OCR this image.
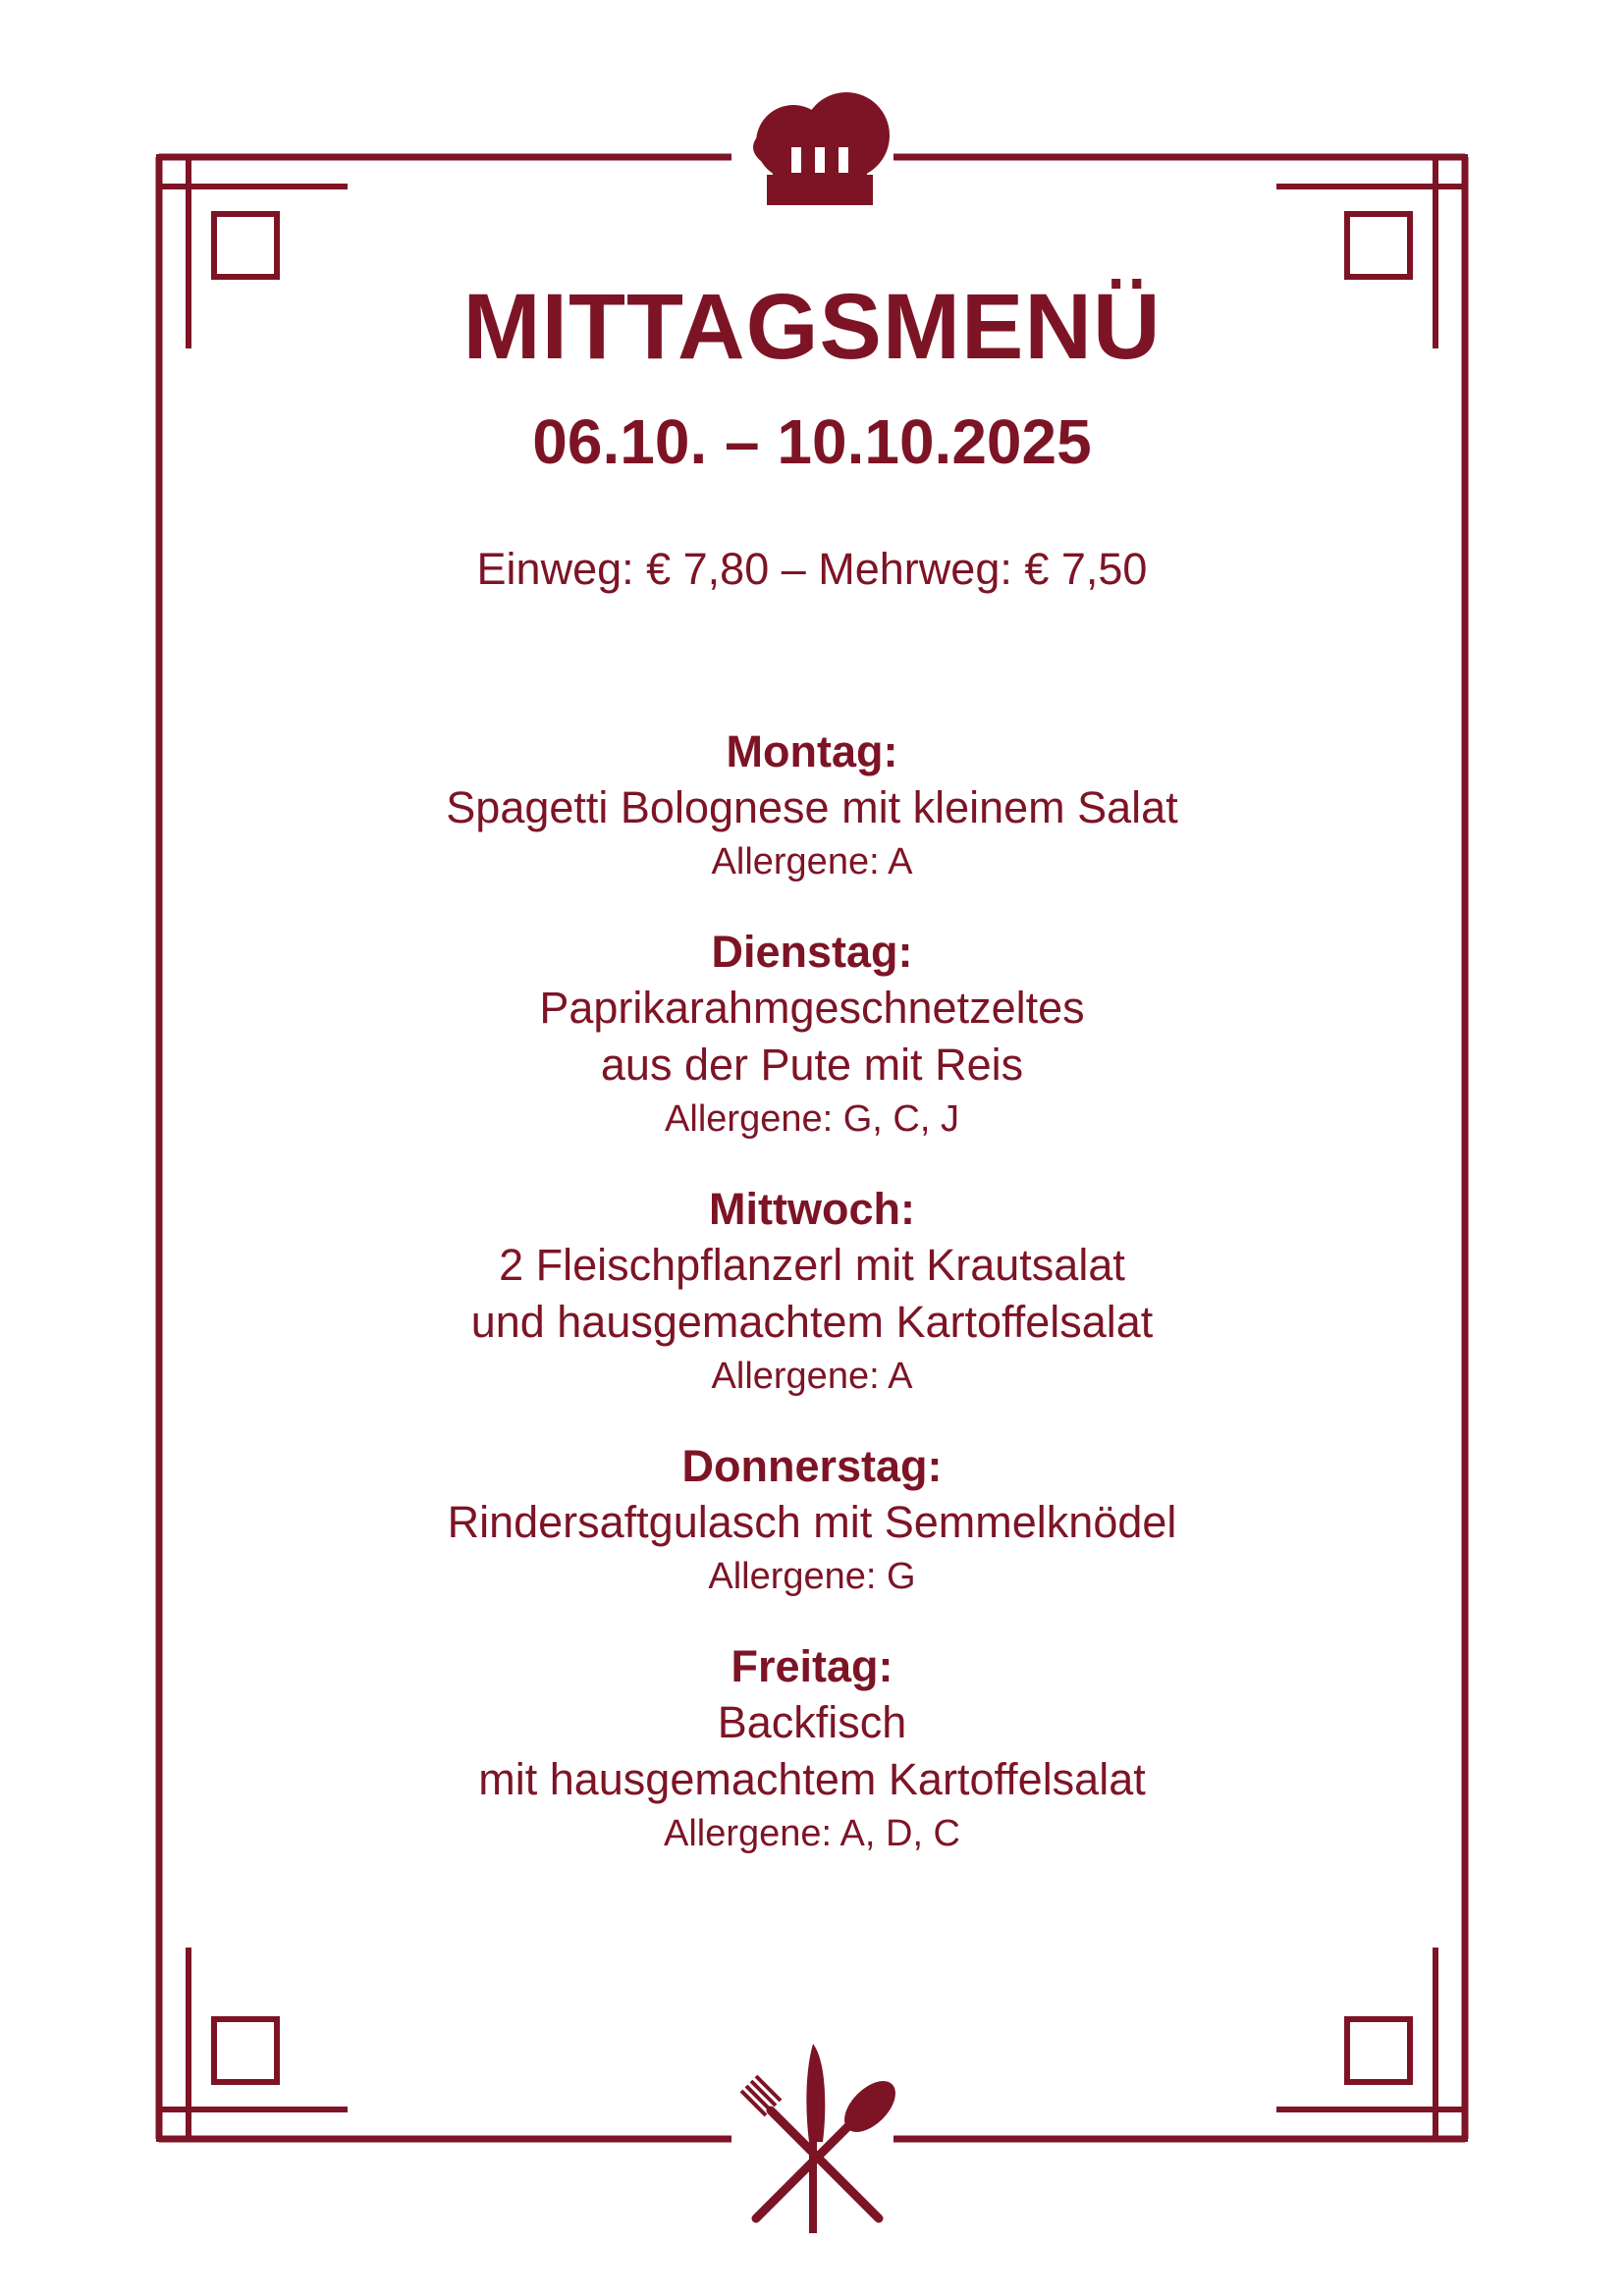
MITTAGSMENÜ
06.10. – 10.10.2025
Einweg: € 7,80 – Mehrweg: € 7,50
Montag:
Spagetti Bolognese mit kleinem Salat
Allergene: A
Dienstag:
Paprikarahmgeschnetzeltes
aus der Pute mit Reis
Allergene: G, C, J
Mittwoch:
2 Fleischpflanzerl mit Krautsalat
und hausgemachtem Kartoffelsalat
Allergene: A
Donnerstag:
Rindersaftgulasch mit Semmelknödel
Allergene: G
Freitag:
Backfisch
mit hausgemachtem Kartoffelsalat
Allergene: A, D, C
